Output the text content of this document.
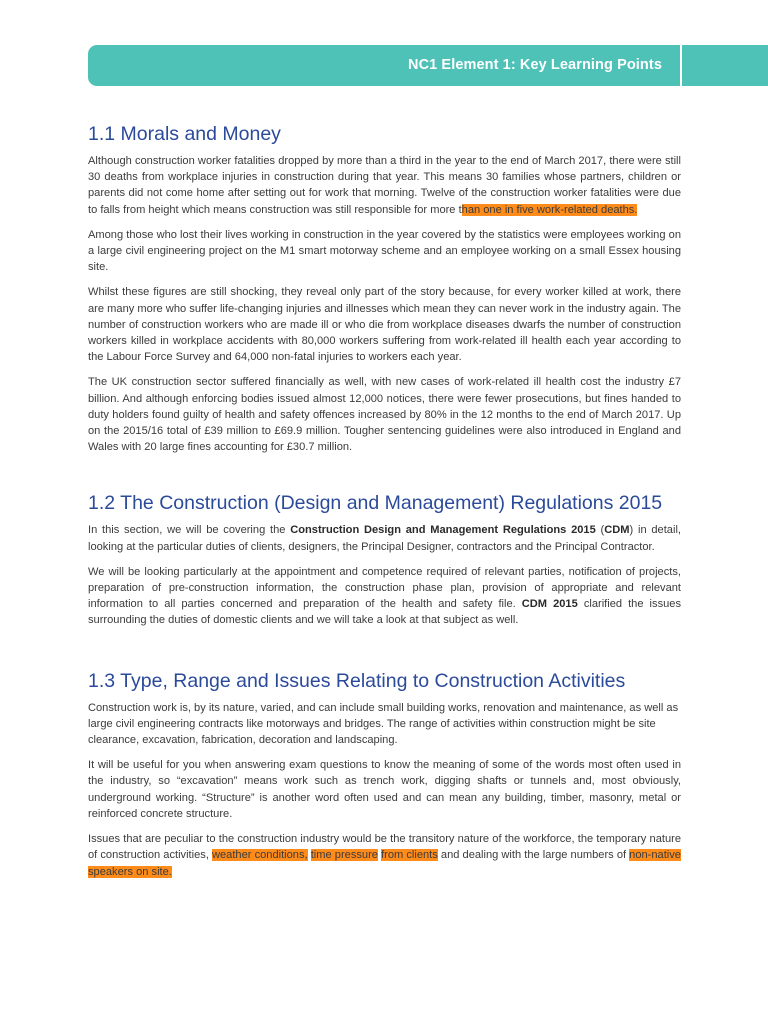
NC1 Element 1: Key Learning Points
1.1 Morals and Money

Although construction worker fatalities dropped by more than a third in the year to the end of March 2017, there were still 30 deaths from workplace injuries in construction during that year. This means 30 families whose partners, children or parents did not come home after setting out for work that morning. Twelve of the construction worker fatalities were due to falls from height which means construction was still responsible for more than one in five work-related deaths.

Among those who lost their lives working in construction in the year covered by the statistics were employees working on a large civil engineering project on the M1 smart motorway scheme and an employee working on a small Essex housing site.

Whilst these figures are still shocking, they reveal only part of the story because, for every worker killed at work, there are many more who suffer life-changing injuries and illnesses which mean they can never work in the industry again. The number of construction workers who are made ill or who die from workplace diseases dwarfs the number of construction workers killed in workplace accidents with 80,000 workers suffering from work-related ill health each year according to the Labour Force Survey and 64,000 non-fatal injuries to workers each year.

The UK construction sector suffered financially as well, with new cases of work-related ill health cost the industry £7 billion. And although enforcing bodies issued almost 12,000 notices, there were fewer prosecutions, but fines handed to duty holders found guilty of health and safety offences increased by 80% in the 12 months to the end of March 2017. Up on the 2015/16 total of £39 million to £69.9 million. Tougher sentencing guidelines were also introduced in England and Wales with 20 large fines accounting for £30.7 million.

1.2 The Construction (Design and Management) Regulations 2015

In this section, we will be covering the Construction Design and Management Regulations 2015 (CDM) in detail, looking at the particular duties of clients, designers, the Principal Designer, contractors and the Principal Contractor.

We will be looking particularly at the appointment and competence required of relevant parties, notification of projects, preparation of pre-construction information, the construction phase plan, provision of appropriate and relevant information to all parties concerned and preparation of the health and safety file. CDM 2015 clarified the issues surrounding the duties of domestic clients and we will take a look at that subject as well.

1.3 Type, Range and Issues Relating to Construction Activities

Construction work is, by its nature, varied, and can include small building works, renovation and maintenance, as well as large civil engineering contracts like motorways and bridges. The range of activities within construction might be site clearance, excavation, fabrication, decoration and landscaping.

It will be useful for you when answering exam questions to know the meaning of some of the words most often used in the industry, so “excavation” means work such as trench work, digging shafts or tunnels and, most obviously, underground working. “Structure” is another word often used and can mean any building, timber, masonry, metal or reinforced concrete structure.

Issues that are peculiar to the construction industry would be the transitory nature of the workforce, the temporary nature of construction activities, weather conditions, time pressure from clients and dealing with the large numbers of non-native speakers on site.
